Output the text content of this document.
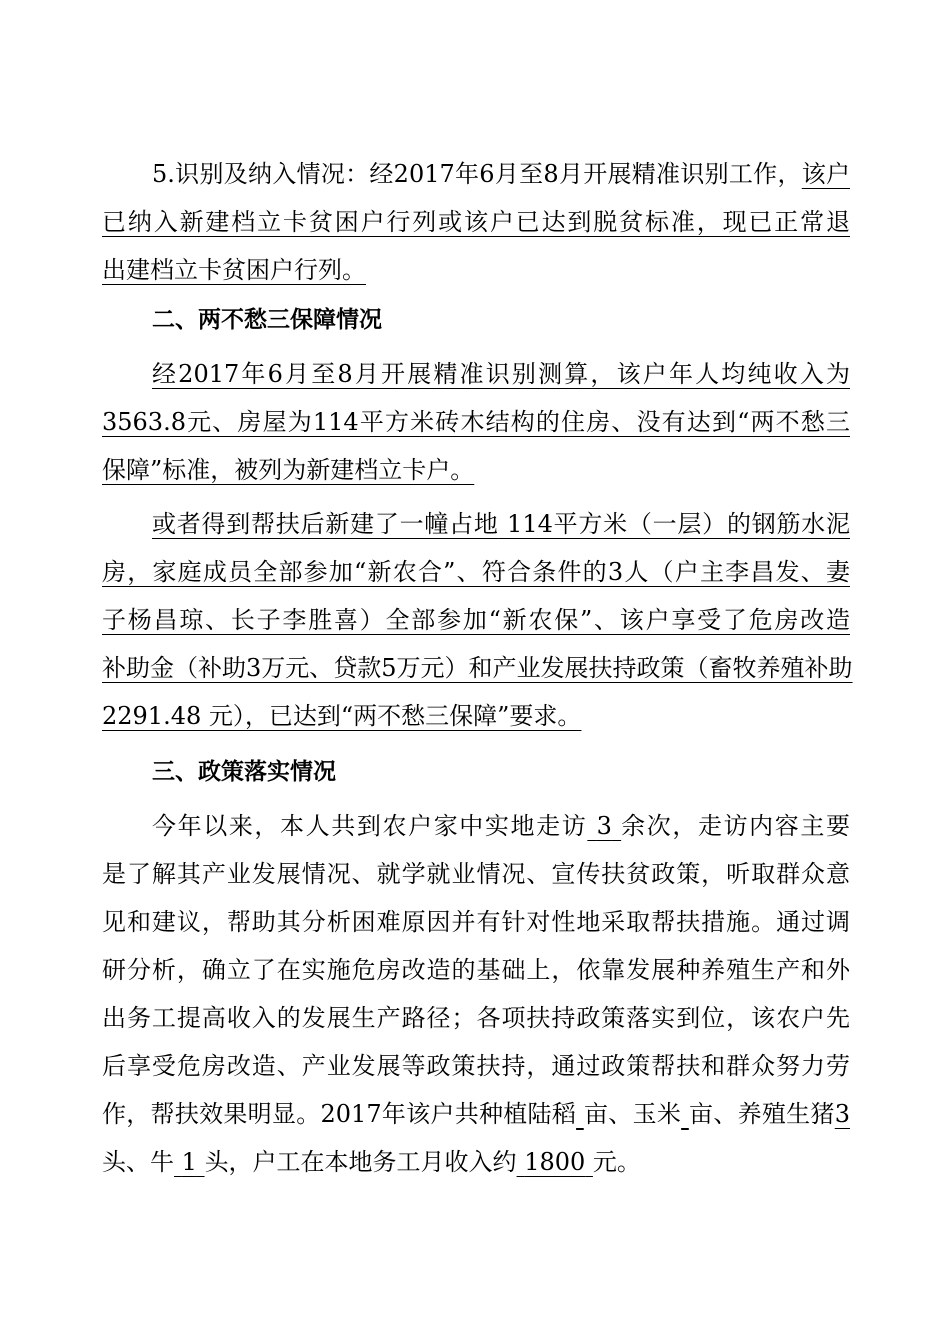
5.识别及纳入情况：经2017年6月至8月开展精准识别工作，该户
已纳入新建档立卡贫困户行列或该户已达到脱贫标准，现已正常退
出建档立卡贫困户行列。
二、两不愁三保障情况
经2017年6月至8月开展精准识别测算，该户年人均纯收入为
3563.8元、房屋为114平方米砖木结构的住房、没有达到“两不愁三
保障”标准，被列为新建档立卡户。
或者得到帮扶后新建了一幢占地 114平方米（一层）的钢筋水泥
房，家庭成员全部参加“新农合”、符合条件的3人（户主李昌发、妻
子杨昌琼、长子李胜喜）全部参加“新农保”、该户享受了危房改造
补助金（补助3万元、贷款5万元）和产业发展扶持政策（畜牧养殖补助
2291.48 元），已达到“两不愁三保障”要求。
三、政策落实情况
今年以来，本人共到农户家中实地走访 3 余次，走访内容主要
是了解其产业发展情况、就学就业情况、宣传扶贫政策，听取群众意
见和建议，帮助其分析困难原因并有针对性地采取帮扶措施。通过调
研分析，确立了在实施危房改造的基础上，依靠发展种养殖生产和外
出务工提高收入的发展生产路径；各项扶持政策落实到位，该农户先
后享受危房改造、产业发展等政策扶持，通过政策帮扶和群众努力劳
作，帮扶效果明显。2017年该户共种植陆稻 亩、玉米 亩、养殖生猪3
头、牛 1 头，户工在本地务工月收入约 1800 元。
